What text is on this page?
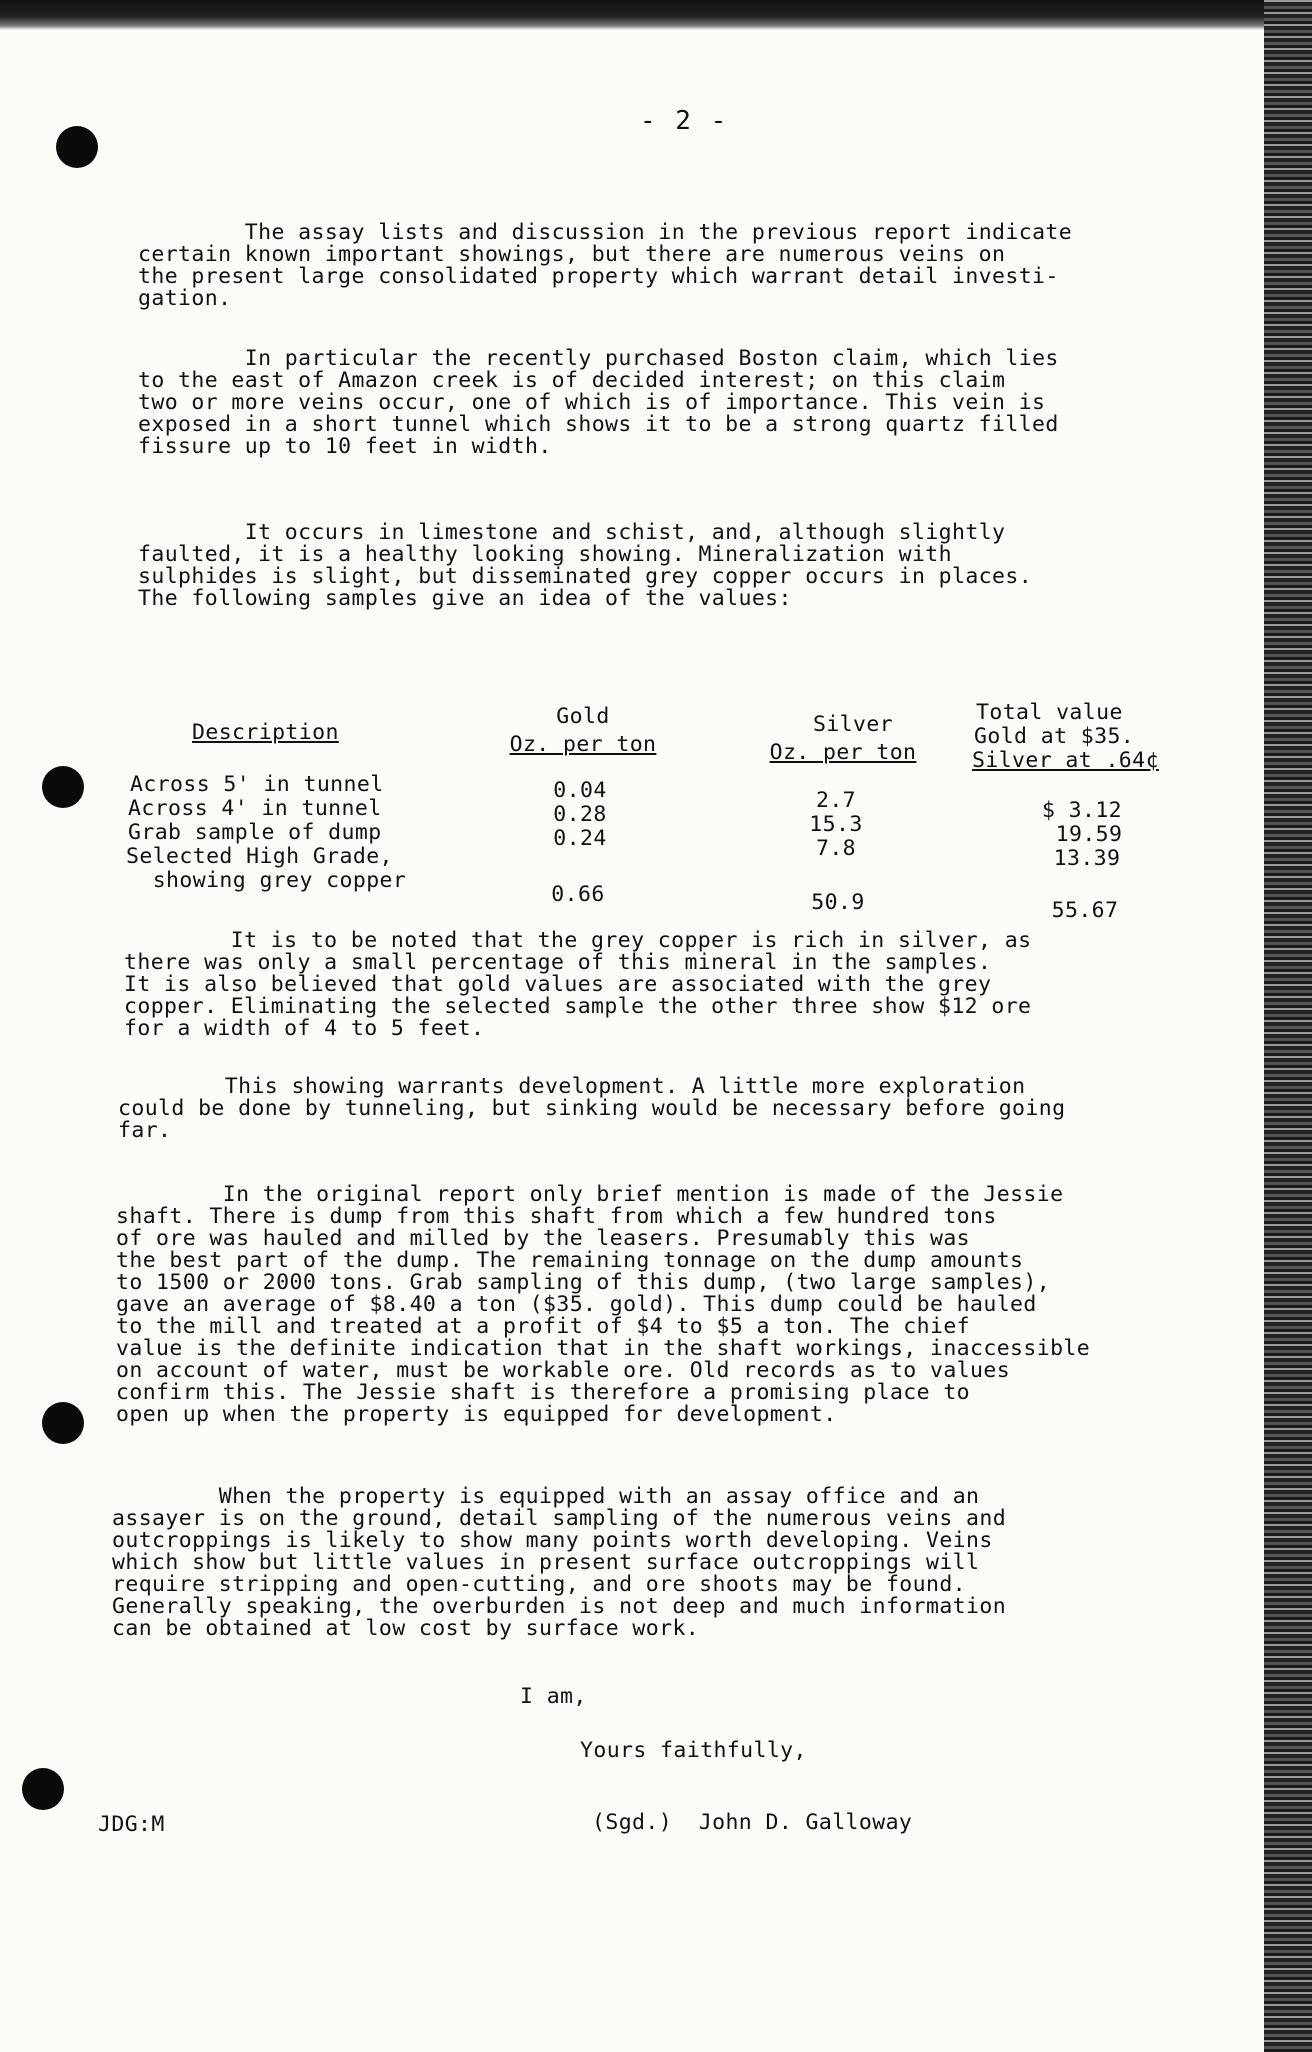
- 2 -

The assay lists and discussion in the previous report indicate
certain known important showings, but there are numerous veins on
the present large consolidated property which warrant detail investi-
gation.

In particular the recently purchased Boston claim, which lies
to the east of Amazon creek is of decided interest; on this claim
two or more veins occur, one of which is of importance. This vein is
exposed in a short tunnel which shows it to be a strong quartz filled
fissure up to 10 feet in width.

It occurs in limestone and schist, and, although slightly
faulted, it is a healthy looking showing. Mineralization with
sulphides is slight, but disseminated grey copper occurs in places.
The following samples give an idea of the values:

Description
Gold
Oz. per ton
Silver
Oz. per ton
Total value
Gold at $35.
Silver at .64¢
Across 5' in tunnel
Across 4' in tunnel
Grab sample of dump
Selected High Grade,
showing grey copper
0.04
0.28
0.24
0.66
2.7
15.3
7.8
50.9
$ 3.12
19.59
13.39
55.67

It is to be noted that the grey copper is rich in silver, as
there was only a small percentage of this mineral in the samples.
It is also believed that gold values are associated with the grey
copper. Eliminating the selected sample the other three show $12 ore
for a width of 4 to 5 feet.

This showing warrants development. A little more exploration
could be done by tunneling, but sinking would be necessary before going
far.

In the original report only brief mention is made of the Jessie
shaft. There is dump from this shaft from which a few hundred tons
of ore was hauled and milled by the leasers. Presumably this was
the best part of the dump. The remaining tonnage on the dump amounts
to 1500 or 2000 tons. Grab sampling of this dump, (two large samples),
gave an average of $8.40 a ton ($35. gold). This dump could be hauled
to the mill and treated at a profit of $4 to $5 a ton. The chief
value is the definite indication that in the shaft workings, inaccessible
on account of water, must be workable ore. Old records as to values
confirm this. The Jessie shaft is therefore a promising place to
open up when the property is equipped for development.

When the property is equipped with an assay office and an
assayer is on the ground, detail sampling of the numerous veins and
outcroppings is likely to show many points worth developing. Veins
which show but little values in present surface outcroppings will
require stripping and open-cutting, and ore shoots may be found.
Generally speaking, the overburden is not deep and much information
can be obtained at low cost by surface work.

I am,
Yours faithfully,
(Sgd.)  John D. Galloway
JDG:M
